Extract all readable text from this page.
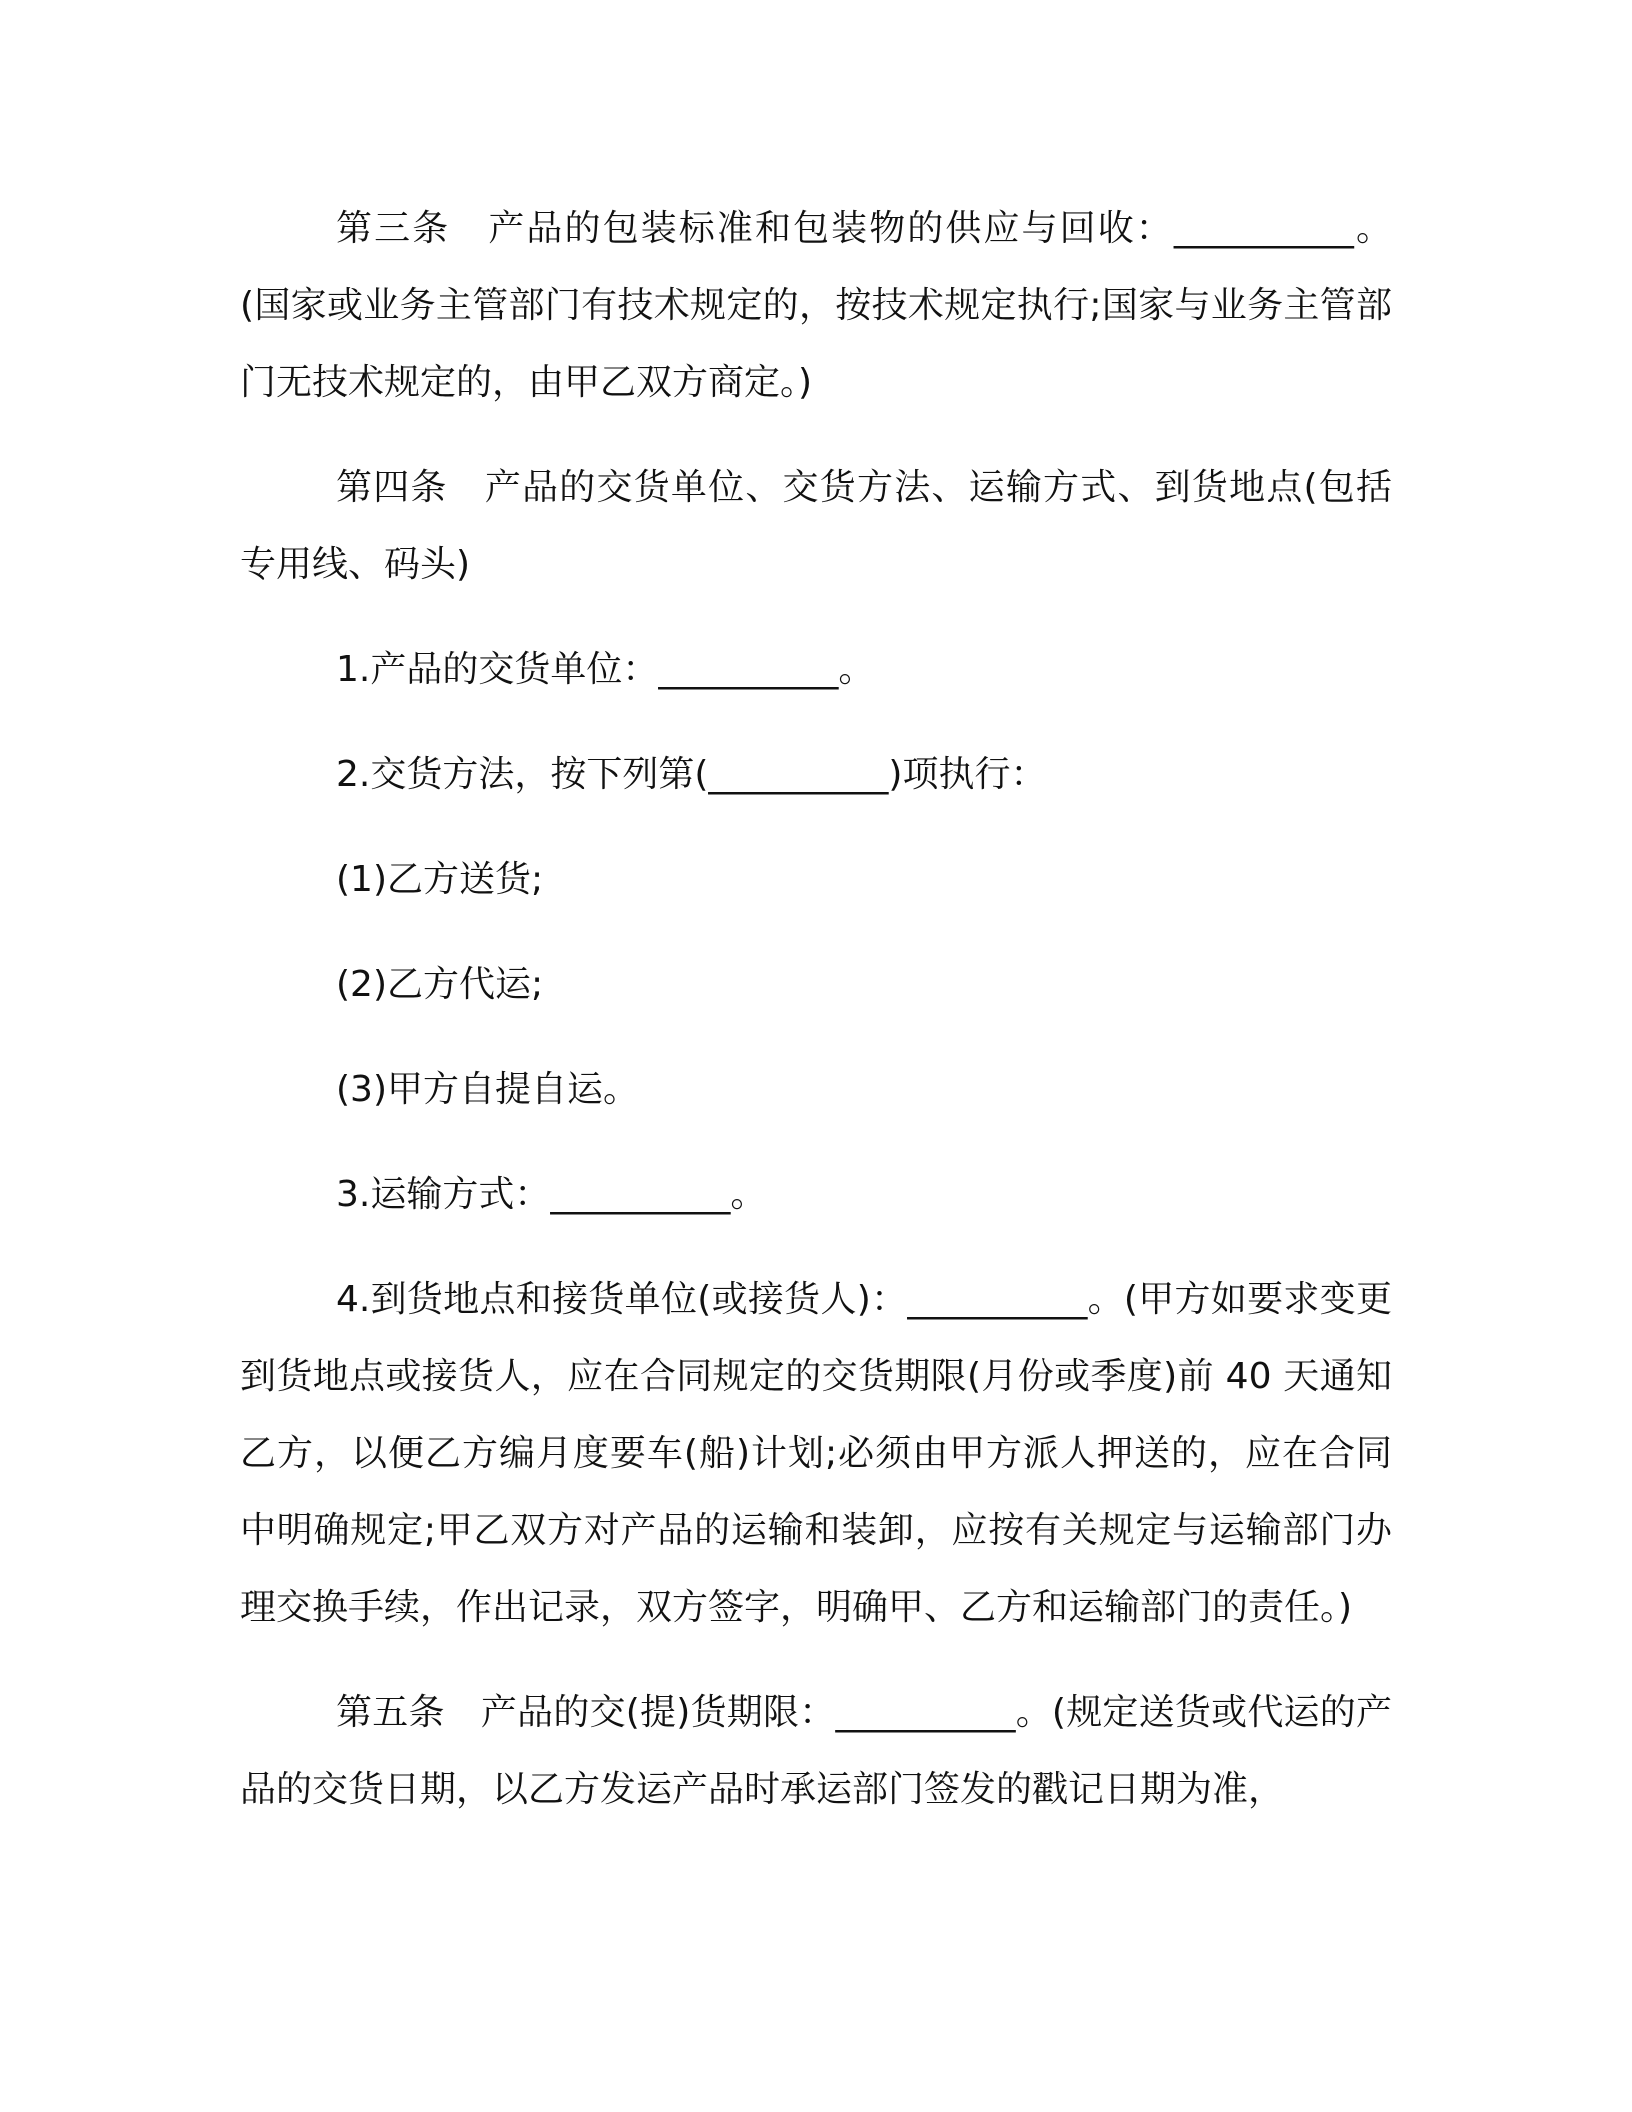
第三条　产品的包装标准和包装物的供应与回收：__________。(国家或业务主管部门有技术规定的，按技术规定执行;国家与业务主管部门无技术规定的，由甲乙双方商定。)

第四条　产品的交货单位、交货方法、运输方式、到货地点(包括专用线、码头)

1.产品的交货单位：__________。

2.交货方法，按下列第(__________)项执行：

(1)乙方送货;

(2)乙方代运;

(3)甲方自提自运。

3.运输方式：__________。

4.到货地点和接货单位(或接货人)：__________。(甲方如要求变更到货地点或接货人，应在合同规定的交货期限(月份或季度)前 40 天通知乙方，以便乙方编月度要车(船)计划;必须由甲方派人押送的，应在合同中明确规定;甲乙双方对产品的运输和装卸，应按有关规定与运输部门办理交换手续，作出记录，双方签字，明确甲、乙方和运输部门的责任。)

第五条　产品的交(提)货期限：__________。(规定送货或代运的产品的交货日期，以乙方发运产品时承运部门签发的戳记日期为准，
